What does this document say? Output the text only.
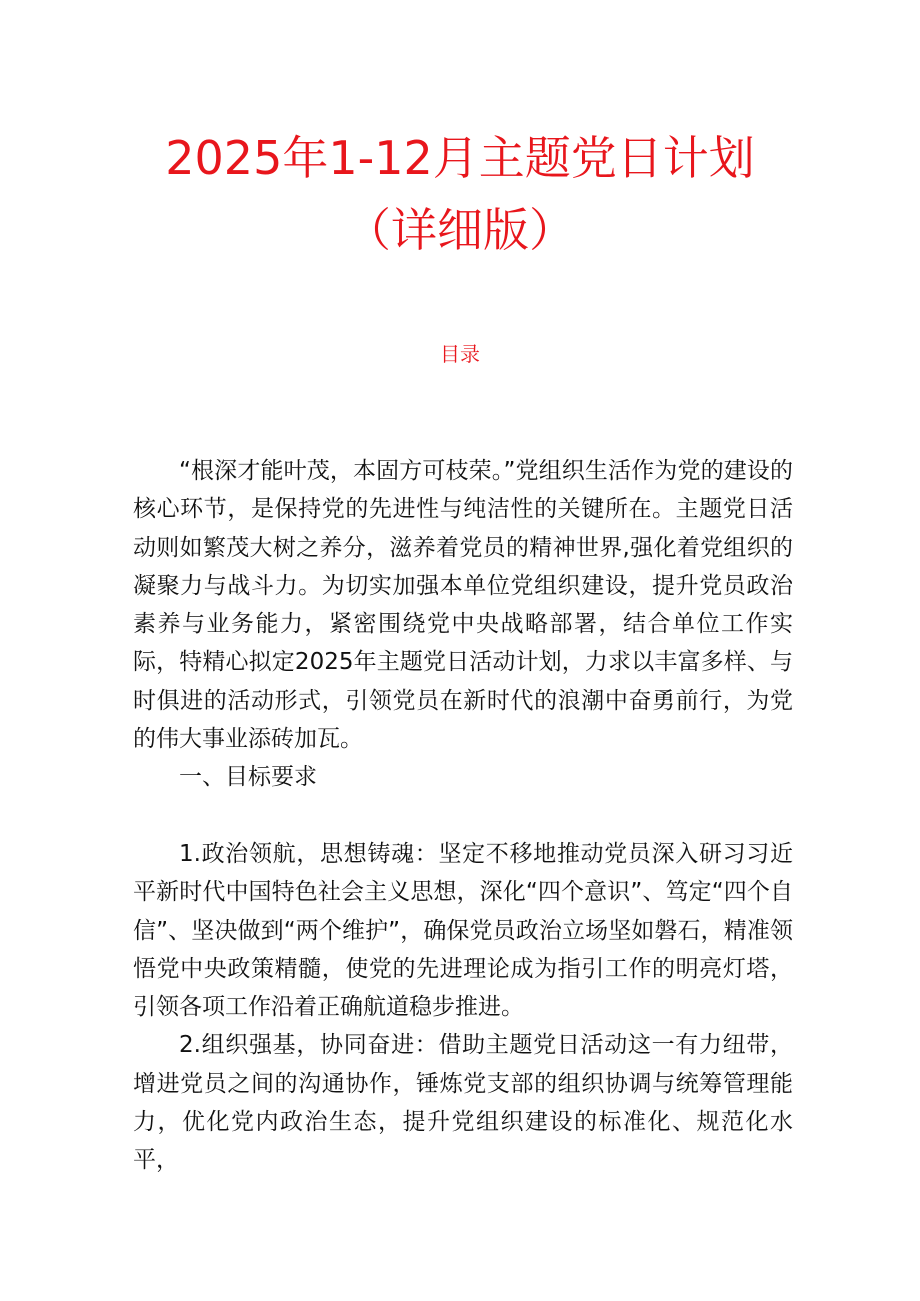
2025年1-12月主题党日计划
（详细版）
目录

“根深才能叶茂，本固方可枝荣。”党组织生活作为党的建设的核心环节，是保持党的先进性与纯洁性的关键所在。主题党日活动则如繁茂大树之养分，滋养着党员的精神世界,强化着党组织的凝聚力与战斗力。为切实加强本单位党组织建设，提升党员政治素养与业务能力，紧密围绕党中央战略部署，结合单位工作实际，特精心拟定2025年主题党日活动计划，力求以丰富多样、与时俱进的活动形式，引领党员在新时代的浪潮中奋勇前行，为党的伟大事业添砖加瓦。

一、目标要求

1.政治领航，思想铸魂：坚定不移地推动党员深入研习习近平新时代中国特色社会主义思想，深化“四个意识”、笃定“四个自信”、坚决做到“两个维护”，确保党员政治立场坚如磐石，精准领悟党中央政策精髓，使党的先进理论成为指引工作的明亮灯塔，引领各项工作沿着正确航道稳步推进。

2.组织强基，协同奋进：借助主题党日活动这一有力纽带，增进党员之间的沟通协作，锤炼党支部的组织协调与统筹管理能力，优化党内政治生态，提升党组织建设的标准化、规范化水平，
